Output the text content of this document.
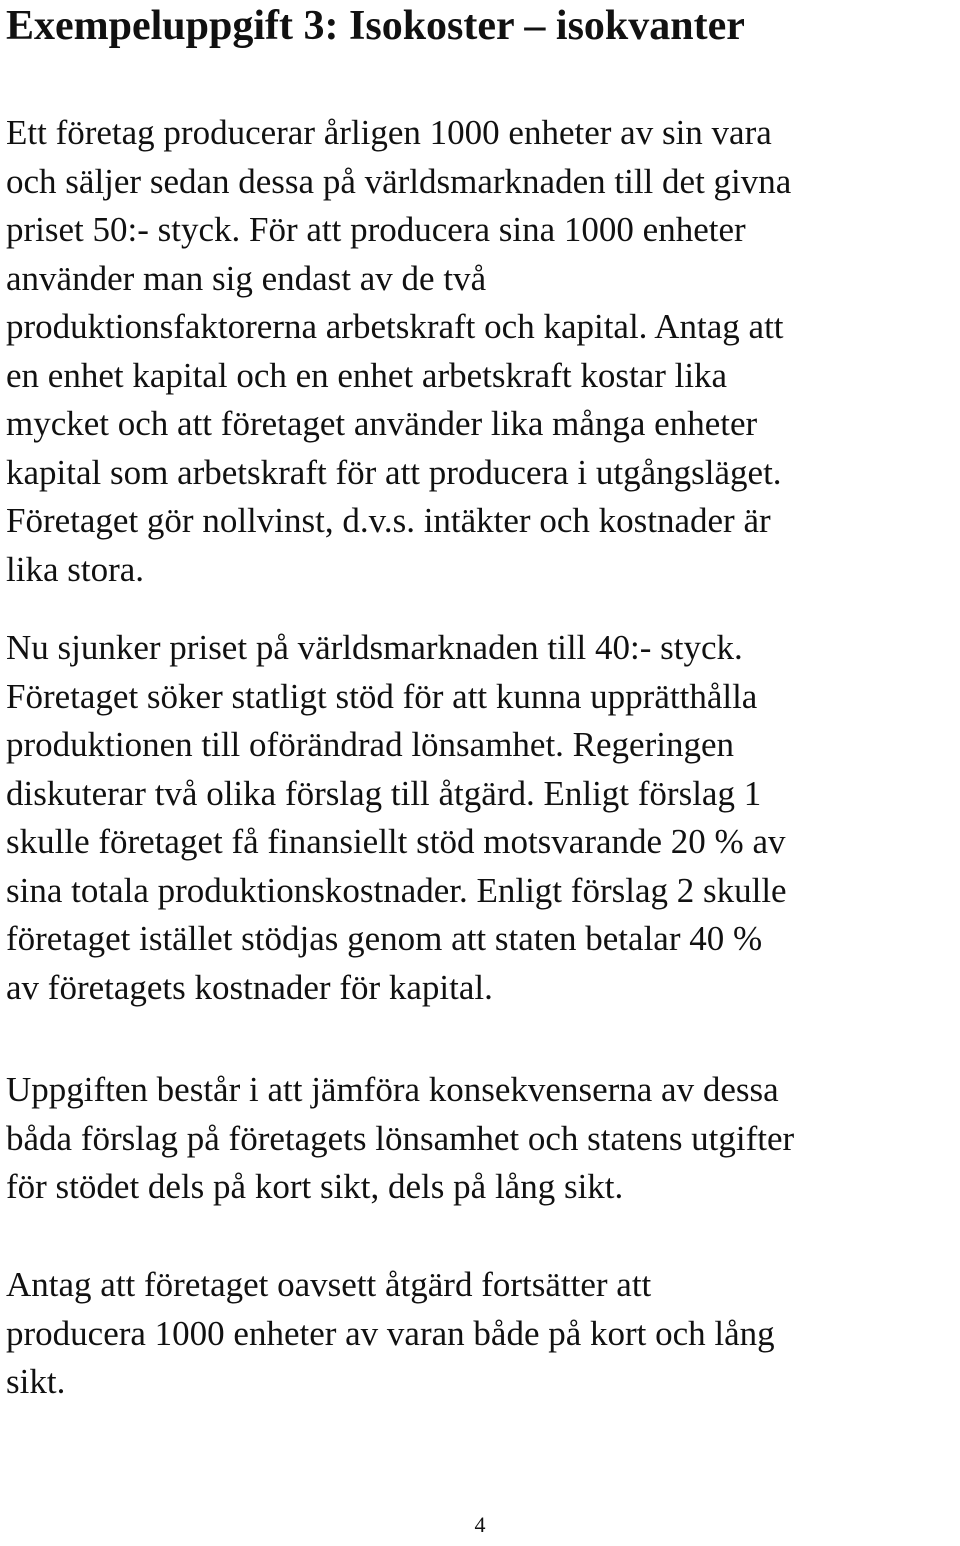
Exempeluppgift 3: Isokoster – isokvanter

Ett företag producerar årligen 1000 enheter av sin vara
och säljer sedan dessa på världsmarknaden till det givna
priset 50:- styck. För att producera sina 1000 enheter
använder man sig endast av de två
produktionsfaktorerna arbetskraft och kapital. Antag att
en enhet kapital och en enhet arbetskraft kostar lika
mycket och att företaget använder lika många enheter
kapital som arbetskraft för att producera i utgångsläget.
Företaget gör nollvinst, d.v.s. intäkter och kostnader är
lika stora.

Nu sjunker priset på världsmarknaden till 40:- styck.
Företaget söker statligt stöd för att kunna upprätthålla
produktionen till oförändrad lönsamhet. Regeringen
diskuterar två olika förslag till åtgärd. Enligt förslag 1
skulle företaget få finansiellt stöd motsvarande 20 % av
sina totala produktionskostnader. Enligt förslag 2 skulle
företaget istället stödjas genom att staten betalar 40 %
av företagets kostnader för kapital.

Uppgiften består i att jämföra konsekvenserna av dessa
båda förslag på företagets lönsamhet och statens utgifter
för stödet dels på kort sikt, dels på lång sikt.

Antag att företaget oavsett åtgärd fortsätter att
producera 1000 enheter av varan både på kort och lång
sikt.

4
